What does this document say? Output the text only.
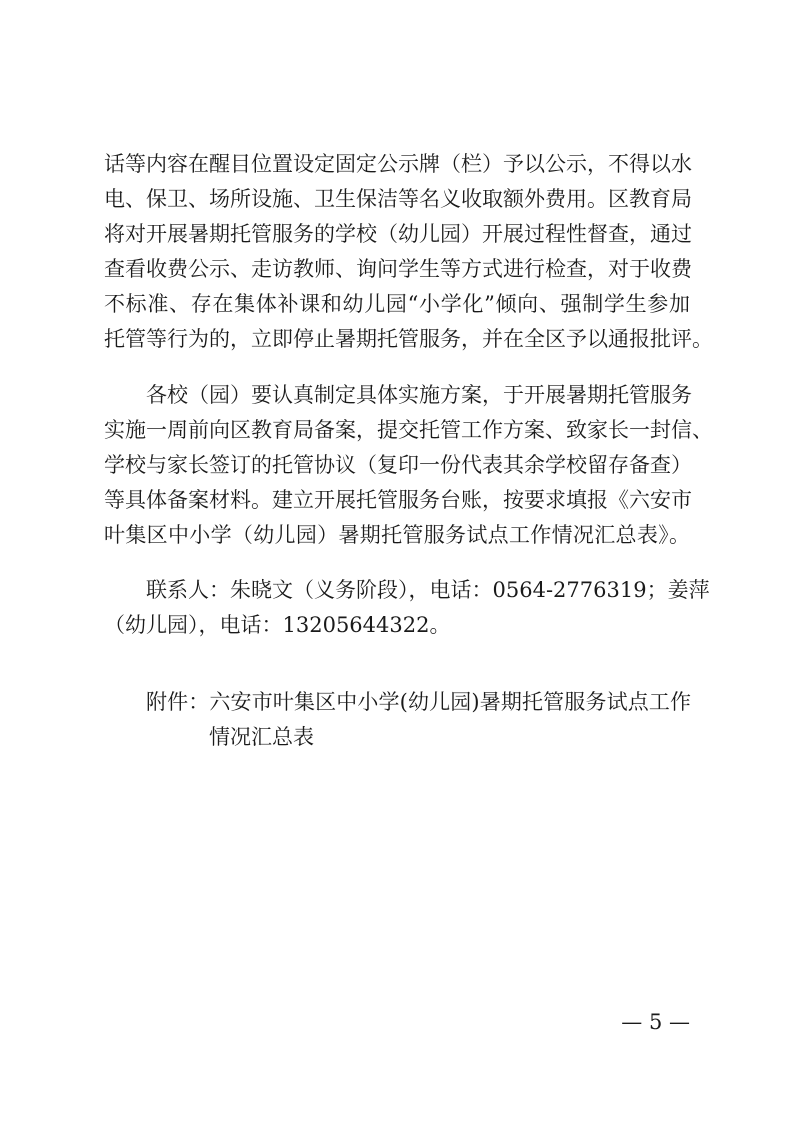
话等内容在醒目位置设定固定公示牌（栏）予以公示，不得以水
电、保卫、场所设施、卫生保洁等名义收取额外费用。区教育局
将对开展暑期托管服务的学校（幼儿园）开展过程性督查，通过
查看收费公示、走访教师、询问学生等方式进行检查，对于收费
不标准、存在集体补课和幼儿园“小学化”倾向、强制学生参加
托管等行为的，立即停止暑期托管服务，并在全区予以通报批评。
各校（园）要认真制定具体实施方案，于开展暑期托管服务
实施一周前向区教育局备案，提交托管工作方案、致家长一封信、
学校与家长签订的托管协议（复印一份代表其余学校留存备查）
等具体备案材料。建立开展托管服务台账，按要求填报《六安市
叶集区中小学（幼儿园）暑期托管服务试点工作情况汇总表》。
联系人：朱晓文（义务阶段），电话：0564-2776319；姜萍
（幼儿园），电话：13205644322。
附件：六安市叶集区中小学(幼儿园)暑期托管服务试点工作
情况汇总表
— 5 —
